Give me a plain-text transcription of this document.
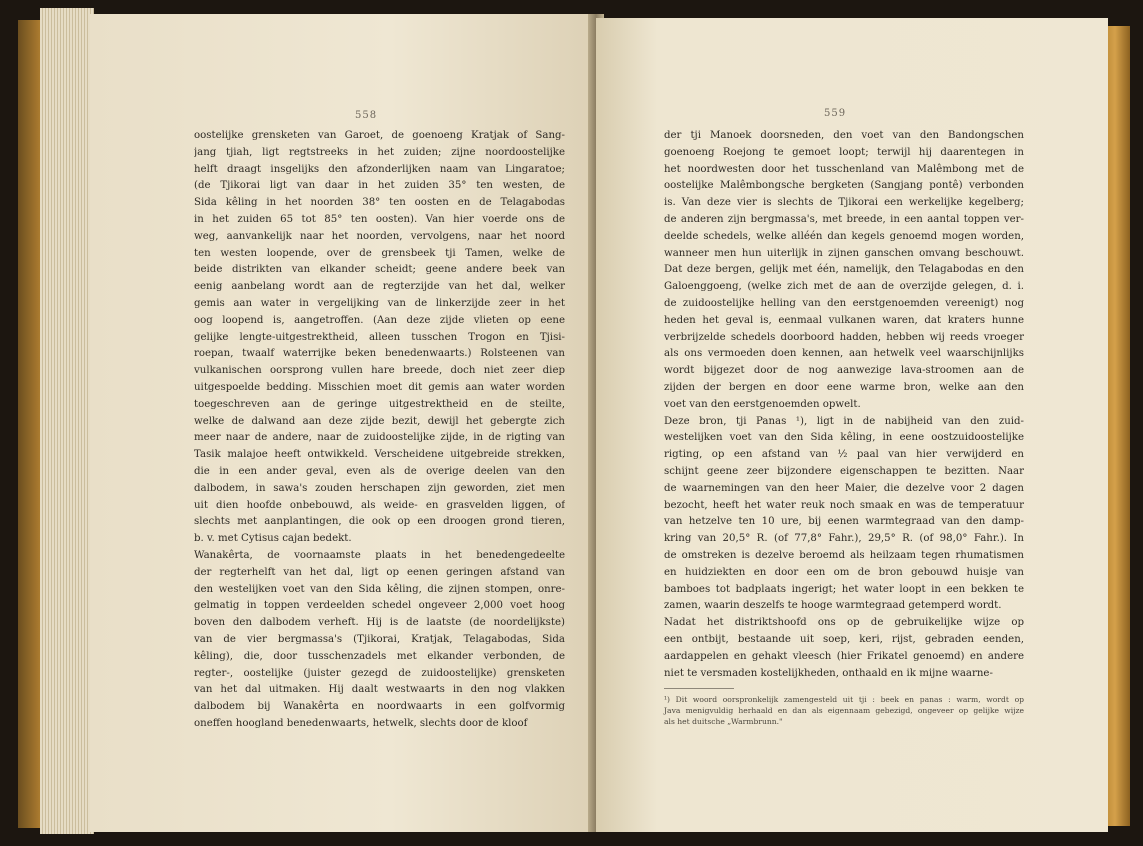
558
oostelijke grensketen van Garoet, de goenoeng Kratjak of Sang-
jang tjiah, ligt regtstreeks in het zuiden; zijne noordoostelijke
helft draagt insgelijks den afzonderlijken naam van Lingaratoe;
(de Tjikorai ligt van daar in het zuiden 35° ten westen, de
Sida kêling in het noorden 38° ten oosten en de Telagabodas
in het zuiden 65 tot 85° ten oosten). Van hier voerde ons de
weg, aanvankelijk naar het noorden, vervolgens, naar het noord
ten westen loopende, over de grensbeek tji Tamen, welke de
beide distrikten van elkander scheidt; geene andere beek van
eenig aanbelang wordt aan de regterzijde van het dal, welker
gemis aan water in vergelijking van de linkerzijde zeer in het
oog loopend is, aangetroffen. (Aan deze zijde vlieten op eene
gelijke lengte-uitgestrektheid, alleen tusschen Trogon en Tjisi-
roepan, twaalf waterrijke beken benedenwaarts.) Rolsteenen van
vulkanischen oorsprong vullen hare breede, doch niet zeer diep
uitgespoelde bedding. Misschien moet dit gemis aan water worden
toegeschreven aan de geringe uitgestrektheid en de steilte,
welke de dalwand aan deze zijde bezit, dewijl het gebergte zich
meer naar de andere, naar de zuidoostelijke zijde, in de rigting van
Tasik malajoe heeft ontwikkeld. Verscheidene uitgebreide strekken,
die in een ander geval, even als de overige deelen van den
dalbodem, in sawa's zouden herschapen zijn geworden, ziet men
uit dien hoofde onbebouwd, als weide- en grasvelden liggen, of
slechts met aanplantingen, die ook op een droogen grond tieren,
b. v. met Cytisus cajan bedekt.
Wanakêrta, de voornaamste plaats in het benedengedeelte
der regterhelft van het dal, ligt op eenen geringen afstand van
den westelijken voet van den Sida kêling, die zijnen stompen, onre-
gelmatig in toppen verdeelden schedel ongeveer 2,000 voet hoog
boven den dalbodem verheft. Hij is de laatste (de noordelijkste)
van de vier bergmassa's (Tjikorai, Kratjak, Telagabodas, Sida
kêling), die, door tusschenzadels met elkander verbonden, de
regter-, oostelijke (juister gezegd de zuidoostelijke) grensketen
van het dal uitmaken. Hij daalt westwaarts in den nog vlakken
dalbodem bij Wanakêrta en noordwaarts in een golfvormig
oneffen hoogland benedenwaarts, hetwelk, slechts door de kloof
559
der tji Manoek doorsneden, den voet van den Bandongschen
goenoeng Roejong te gemoet loopt; terwijl hij daarentegen in
het noordwesten door het tusschenland van Malêmbong met de
oostelijke Malêmbongsche bergketen (Sangjang pontê) verbonden
is. Van deze vier is slechts de Tjikorai een werkelijke kegelberg;
de anderen zijn bergmassa's, met breede, in een aantal toppen ver-
deelde schedels, welke alléén dan kegels genoemd mogen worden,
wanneer men hun uiterlijk in zijnen ganschen omvang beschouwt.
Dat deze bergen, gelijk met één, namelijk, den Telagabodas en den
Galoenggoeng, (welke zich met de aan de overzijde gelegen, d. i.
de zuidoostelijke helling van den eerstgenoemden vereenigt) nog
heden het geval is, eenmaal vulkanen waren, dat kraters hunne
verbrijzelde schedels doorboord hadden, hebben wij reeds vroeger
als ons vermoeden doen kennen, aan hetwelk veel waarschijnlijks
wordt bijgezet door de nog aanwezige lava-stroomen aan de
zijden der bergen en door eene warme bron, welke aan den
voet van den eerstgenoemden opwelt.
Deze bron, tji Panas ¹), ligt in de nabijheid van den zuid-
westelijken voet van den Sida kêling, in eene oostzuidoostelijke
rigting, op een afstand van ½ paal van hier verwijderd en
schijnt geene zeer bijzondere eigenschappen te bezitten. Naar
de waarnemingen van den heer Maier, die dezelve voor 2 dagen
bezocht, heeft het water reuk noch smaak en was de temperatuur
van hetzelve ten 10 ure, bij eenen warmtegraad van den damp-
kring van 20,5° R. (of 77,8° Fahr.), 29,5° R. (of 98,0° Fahr.). In
de omstreken is dezelve beroemd als heilzaam tegen rhumatismen
en huidziekten en door een om de bron gebouwd huisje van
bamboes tot badplaats ingerigt; het water loopt in een bekken te
zamen, waarin deszelfs te hooge warmtegraad getemperd wordt.
Nadat het distriktshoofd ons op de gebruikelijke wijze op
een ontbijt, bestaande uit soep, keri, rijst, gebraden eenden,
aardappelen en gehakt vleesch (hier Frikatel genoemd) en andere
niet te versmaden kostelijkheden, onthaald en ik mijne waarne-
¹) Dit woord oorspronkelijk zamengesteld uit tji : beek en panas : warm, wordt op
Java menigvuldig herhaald en dan als eigennaam gebezigd, ongeveer op gelijke wijze
als het duitsche „Warmbrunn."
